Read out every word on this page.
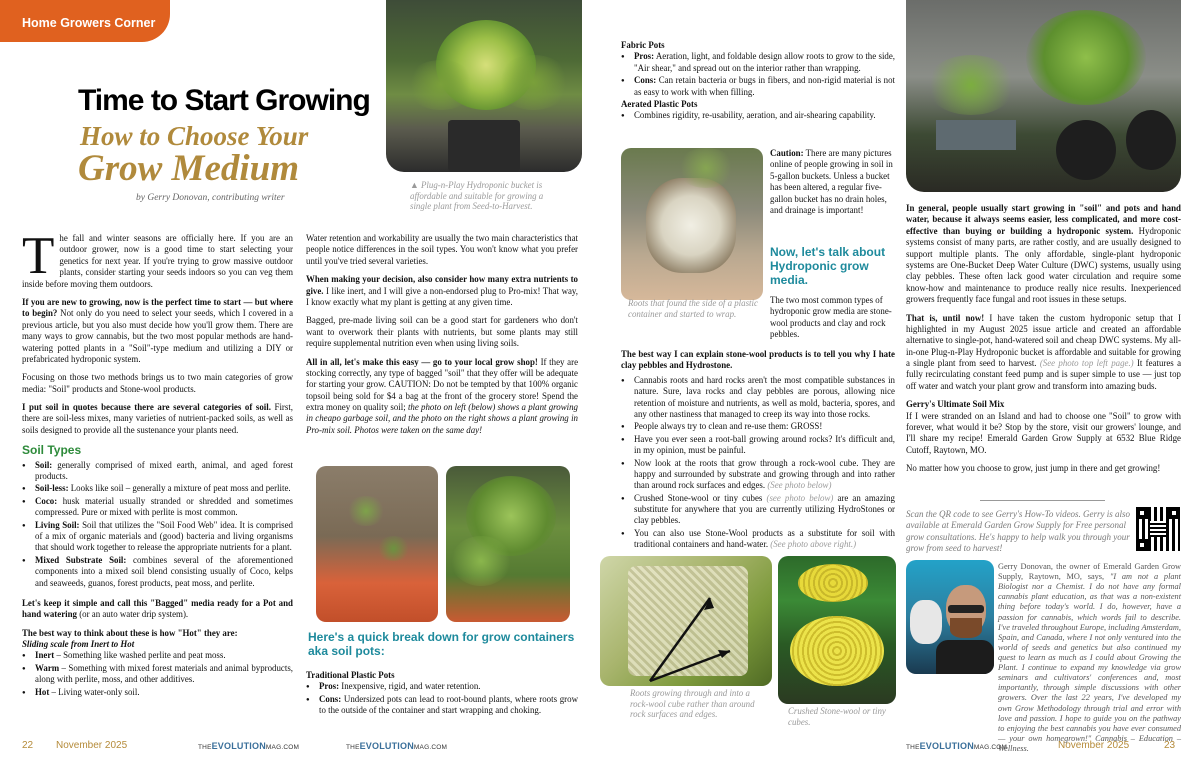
Home Growers Corner
Time to Start Growing
How to Choose Your
Grow Medium
by Gerry Donovan, contributing writer
▲ Plug-n-Play Hydroponic bucket is affordable and suitable for growing a single plant from Seed-to-Harvest.

The fall and winter seasons are officially here. If you are an outdoor grower, now is a good time to start selecting your genetics for next year. If you're trying to grow massive outdoor plants, consider starting your seeds indoors so you can veg them inside before moving them outdoors.

If you are new to growing, now is the perfect time to start — but where to begin? Not only do you need to select your seeds, which I covered in a previous article, but you also must decide how you'll grow them. There are many ways to grow cannabis, but the two most popular methods are hand-watering potted plants in a "Soil"-type medium and utilizing a DIY or prefabricated hydroponic system.

Focusing on those two methods brings us to two main categories of grow media: "Soil" products and Stone-wool products.

I put soil in quotes because there are several categories of soil. First, there are soil-less mixes, many varieties of nutrient-packed soils, as well as soils designed to provide all the sustenance your plants need.

Soil Types
● Soil: generally comprised of mixed earth, animal, and aged forest products.
● Soil-less: Looks like soil – generally a mixture of peat moss and perlite.
● Coco: husk material usually stranded or shredded and sometimes compressed. Pure or mixed with perlite is most common.
● Living Soil: Soil that utilizes the "Soil Food Web" idea. It is comprised of a mix of organic materials and (good) bacteria and living organisms that should work together to release the appropriate nutrients for a plant.
● Mixed Substrate Soil: combines several of the aforementioned components into a mixed soil blend consisting usually of Coco, kelps and seaweeds, guanos, forest products, peat moss, and perlite.

Let's keep it simple and call this "Bagged" media ready for a Pot and hand watering (or an auto water drip system).

The best way to think about these is how "Hot" they are:
Sliding scale from Inert to Hot
● Inert – Something like washed perlite and peat moss.
● Warm – Something with mixed forest materials and animal byproducts, along with perlite, moss, and other additives.
● Hot – Living water-only soil.

Water retention and workability are usually the two main characteristics that people notice differences in the soil types. You won't know what you prefer until you've tried several varieties.

When making your decision, also consider how many extra nutrients to give. I like inert, and I will give a non-endorsed plug to Pro-mix! That way, I know exactly what my plant is getting at any given time.

Bagged, pre-made living soil can be a good start for gardeners who don't want to overwork their plants with nutrients, but some plants may still require supplemental nutrition even when using living soils.

All in all, let's make this easy — go to your local grow shop! If they are stocking correctly, any type of bagged "soil" that they offer will be adequate for starting your grow. CAUTION: Do not be tempted by that 100% organic topsoil being sold for $4 a bag at the front of the grocery store! Spend the extra money on quality soil; the photo on left (below) shows a plant growing in cheapo garbage soil, and the photo on the right shows a plant growing in Pro-mix soil. Photos were taken on the same day!

Here's a quick break down for grow containers aka soil pots:
Traditional Plastic Pots
● Pros: Inexpensive, rigid, and water retention.
● Cons: Undersized pots can lead to root-bound plants, where roots grow to the outside of the container and start wrapping and choking.
Fabric Pots
● Pros: Aeration, light, and foldable design allow roots to grow to the side, "Air shear," and spread out on the interior rather than wrapping.
● Cons: Can retain bacteria or bugs in fibers, and non-rigid material is not as easy to work with when filling.
Aerated Plastic Pots
● Combines rigidity, re-usability, aeration, and air-shearing capability.
Roots that found the side of a plastic container and started to wrap.
Caution: There are many pictures online of people growing in soil in 5-gallon buckets. Unless a bucket has been altered, a regular five-gallon bucket has no drain holes, and drainage is important!
Now, let's talk about Hydroponic grow media.
The two most common types of hydroponic grow media are stone-wool products and clay and rock pebbles.
The best way I can explain stone-wool products is to tell you why I hate clay pebbles and Hydrostone.
● Cannabis roots and hard rocks aren't the most compatible substances in nature. Sure, lava rocks and clay pebbles are porous, allowing nice retention of moisture and nutrients, as well as mold, bacteria, spores, and any other nastiness that managed to creep its way into those rocks.
● People always try to clean and re-use them: GROSS!
● Have you ever seen a root-ball growing around rocks? It's difficult and, in my opinion, must be painful.
● Now look at the roots that grow through a rock-wool cube. They are happy and surrounded by substrate and growing through and into rather than around rock surfaces and edges. (See photo below)
● Crushed Stone-wool or tiny cubes (see photo below) are an amazing substitute for anywhere that you are currently utilizing HydroStones or clay pebbles.
● You can also use Stone-Wool products as a substitute for soil with traditional containers and hand-water. (See photo above right.)
Roots growing through and into a rock-wool cube rather than around rock surfaces and edges.	Crushed Stone-wool or tiny cubes.

In general, people usually start growing in "soil" and pots and hand water, because it always seems easier, less complicated, and more cost-effective than buying or building a hydroponic system. Hydroponic systems consist of many parts, are rather costly, and are usually designed to support multiple plants. The only affordable, single-plant hydroponic systems are One-Bucket Deep Water Culture (DWC) systems, usually using clay pebbles. These often lack good water circulation and require some know-how and maintenance to produce really nice results. Inexperienced growers frequently face fungal and root issues in these setups.

That is, until now! I have taken the custom hydroponic setup that I highlighted in my August 2025 issue article and created an affordable alternative to single-pot, hand-watered soil and cheap DWC systems. My all-in-one Plug-n-Play Hydroponic bucket is affordable and suitable for growing a single plant from seed to harvest. (See photo top left page.) It features a fully recirculating constant feed pump and is super simple to use — just top off water and watch your plant grow and transform into amazing buds.

Gerry's Ultimate Soil Mix

If I were stranded on an Island and had to choose one "Soil" to grow with forever, what would it be? Stop by the store, visit our growers' lounge, and I'll share my recipe! Emerald Garden Grow Supply at 6532 Blue Ridge Cutoff, Raytown, MO.

No matter how you choose to grow, just jump in there and get growing!

Scan the QR code to see Gerry's How-To videos. Gerry is also available at Emerald Garden Grow Supply for Free personal grow consultations. He's happy to help walk you through your grow from seed to harvest!
Gerry Donovan, the owner of Emerald Garden Grow Supply, Raytown, MO, says, "I am not a plant Biologist nor a Chemist. I do not have any formal cannabis plant education, as that was a non-existent thing before today's world. I do, however, have a passion for cannabis, which words fail to describe. I've traveled throughout Europe, including Amsterdam, Spain, and Canada, where I not only ventured into the world of seeds and genetics but also continued my quest to learn as much as I could about Growing the Plant. I continue to expand my knowledge via grow seminars and cultivators' conferences and, most importantly, through simple discussions with other growers. Over the last 22 years, I've developed my own Grow Methodology through trial and error with love and passion. I hope to guide you on the pathway to enjoying the best cannabis you have ever consumed — your own homegrown!" Cannabis – Education – Wellness.
22 November 2025	THEEVOLUTIONMAG.COM	THEEVOLUTIONMAG.COM	THEEVOLUTIONMAG.COM	November 2025	23
